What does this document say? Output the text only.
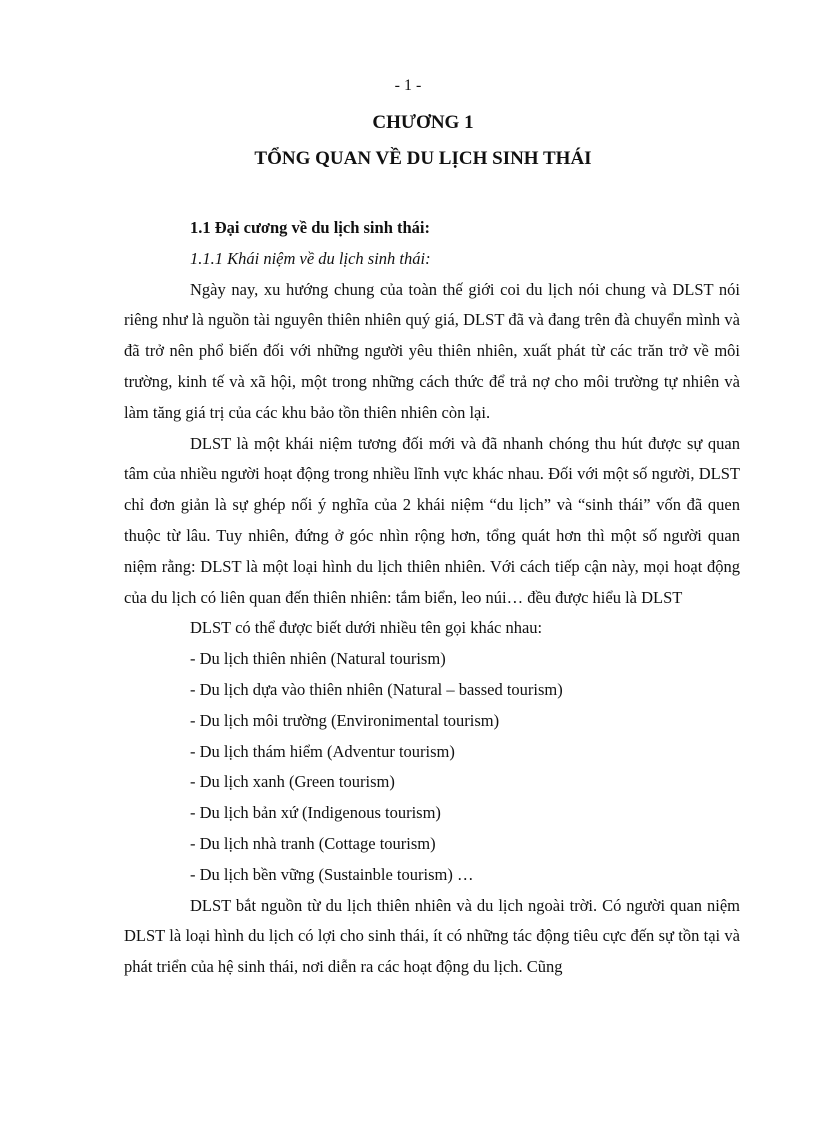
- 1 -
CHƯƠNG 1
TỔNG QUAN VỀ DU LỊCH SINH THÁI

1.1 Đại cương về du lịch sinh thái:

1.1.1 Khái niệm về du lịch sinh thái:

Ngày nay, xu hướng chung của toàn thế giới coi du lịch nói chung và DLST nói riêng như là nguồn tài nguyên thiên nhiên quý giá, DLST đã và đang trên đà chuyển mình và đã trở nên phổ biến đối với những người yêu thiên nhiên, xuất phát từ các trăn trở về môi trường, kinh tế và xã hội, một trong những cách thức để trả nợ cho môi trường tự nhiên và làm tăng giá trị của các khu bảo tồn thiên nhiên còn lại.

DLST là một khái niệm tương đối mới và đã nhanh chóng thu hút được sự quan tâm của nhiều người hoạt động trong nhiều lĩnh vực khác nhau. Đối với một số người, DLST chỉ đơn giản là sự ghép nối ý nghĩa của 2 khái niệm “du lịch” và “sinh thái” vốn đã quen thuộc từ lâu. Tuy nhiên, đứng ở góc nhìn rộng hơn, tổng quát hơn thì một số người quan niệm rằng: DLST là một loại hình du lịch thiên nhiên. Với cách tiếp cận này, mọi hoạt động của du lịch có liên quan đến thiên nhiên: tắm biển, leo núi… đều được hiểu là DLST

DLST có thể được biết dưới nhiều tên gọi khác nhau:

- Du lịch thiên nhiên (Natural tourism)

- Du lịch dựa vào thiên nhiên (Natural – bassed tourism)

- Du lịch môi trường (Environimental tourism)

- Du lịch thám hiểm (Adventur tourism)

- Du lịch xanh (Green tourism)

- Du lịch bản xứ (Indigenous tourism)

- Du lịch nhà tranh (Cottage tourism)

- Du lịch bền vững (Sustainble tourism) …

DLST bắt nguồn từ du lịch thiên nhiên và du lịch ngoài trời. Có người quan niệm DLST là loại hình du lịch có lợi cho sinh thái, ít có những tác động tiêu cực đến sự tồn tại và phát triển của hệ sinh thái, nơi diễn ra các hoạt động du lịch. Cũng
